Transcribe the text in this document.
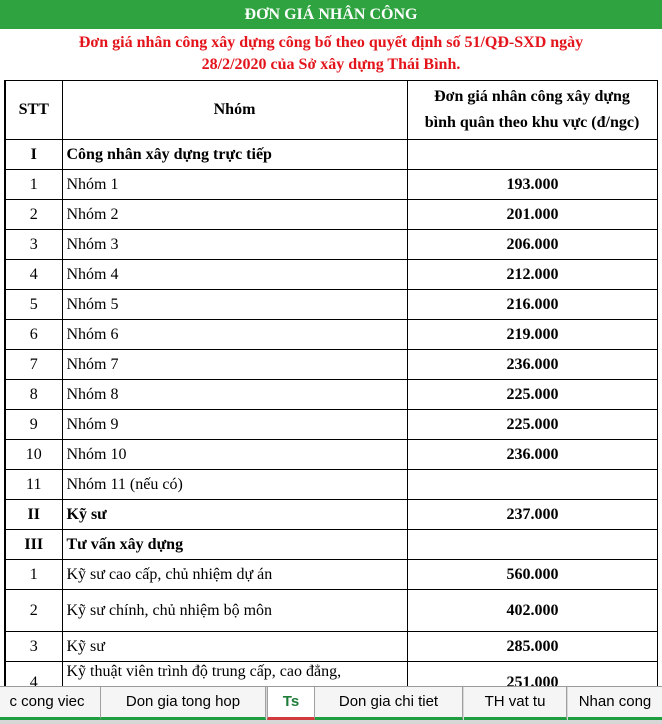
ĐƠN GIÁ NHÂN CÔNG
Đơn giá nhân công xây dựng công bố theo quyết định số 51/QĐ-SXD ngày
28/2/2020 của Sở xây dựng Thái Bình.
STT	Nhóm	Đơn giá nhân công xây dựng
bình quân theo khu vực (đ/ngc)

I	Công nhân xây dựng trực tiếp	
1	Nhóm 1	193.000
2	Nhóm 2	201.000
3	Nhóm 3	206.000
4	Nhóm 4	212.000
5	Nhóm 5	216.000
6	Nhóm 6	219.000
7	Nhóm 7	236.000
8	Nhóm 8	225.000
9	Nhóm 9	225.000
10	Nhóm 10	236.000
11	Nhóm 11 (nếu có)	
II	Kỹ sư	237.000
III	Tư vấn xây dựng	
1	Kỹ sư cao cấp, chủ nhiệm dự án	560.000
2	Kỹ sư chính, chủ nhiệm bộ môn	402.000
3	Kỹ sư	285.000
4	Kỹ thuật viên trình độ trung cấp, cao đẳng,	251.000
c cong viec	Don gia tong hop	Ts	Don gia chi tiet	TH vat tu	Nhan cong
